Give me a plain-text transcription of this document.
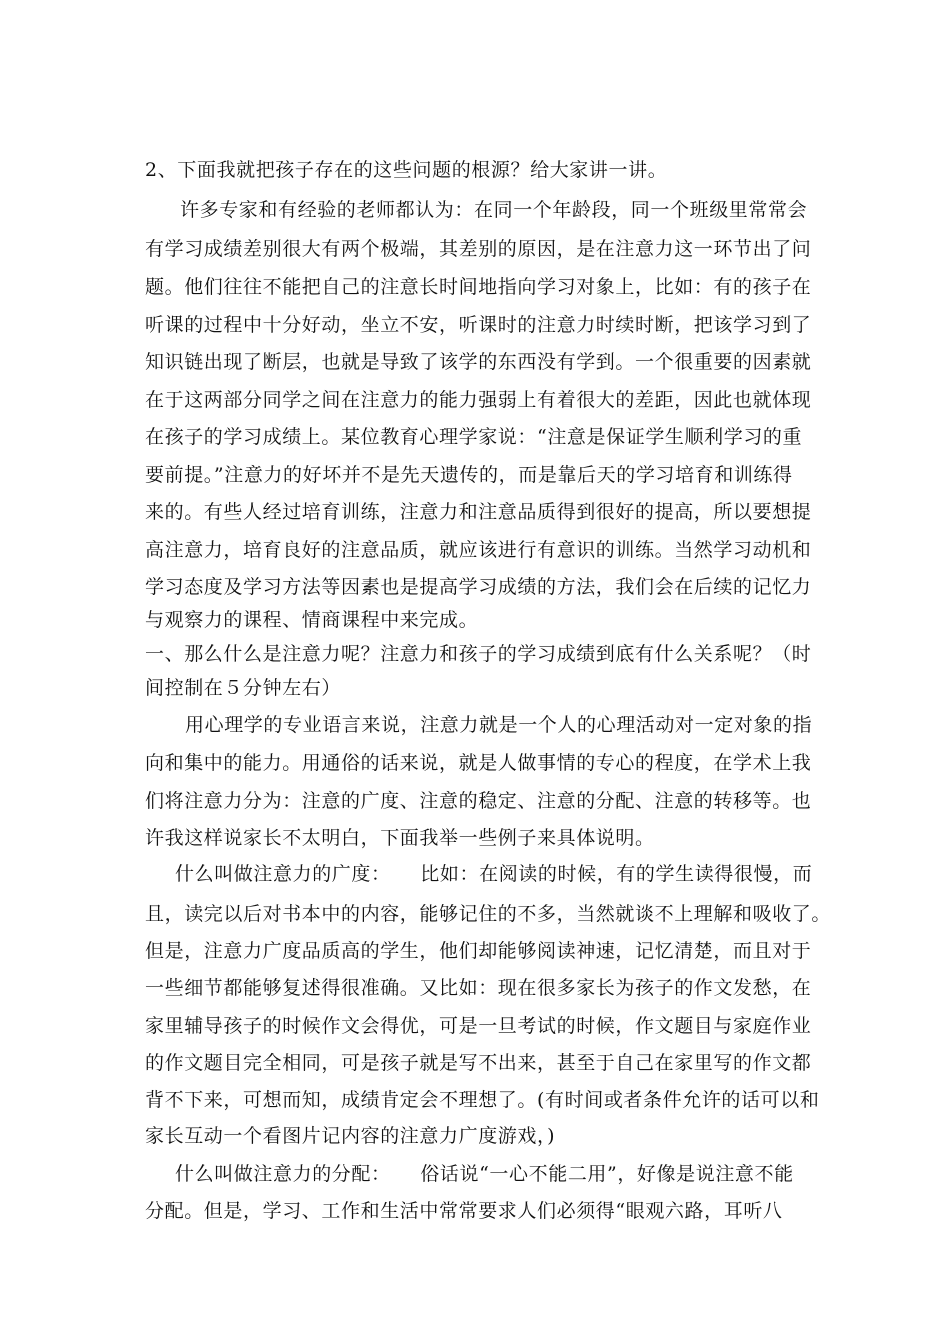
2、下面我就把孩子存在的这些问题的根源？给大家讲一讲。
许多专家和有经验的老师都认为：在同一个年龄段，同一个班级里常常会
有学习成绩差别很大有两个极端，其差别的原因，是在注意力这一环节出了问
题。他们往往不能把自己的注意长时间地指向学习对象上，比如：有的孩子在
听课的过程中十分好动，坐立不安，听课时的注意力时续时断，把该学习到了
知识链出现了断层，也就是导致了该学的东西没有学到。一个很重要的因素就
在于这两部分同学之间在注意力的能力强弱上有着很大的差距，因此也就体现
在孩子的学习成绩上。某位教育心理学家说：“注意是保证学生顺利学习的重
要前提。”注意力的好坏并不是先天遗传的，而是靠后天的学习培育和训练得
来的。有些人经过培育训练，注意力和注意品质得到很好的提高，所以要想提
高注意力，培育良好的注意品质，就应该进行有意识的训练。当然学习动机和
学习态度及学习方法等因素也是提高学习成绩的方法，我们会在后续的记忆力
与观察力的课程、情商课程中来完成。
一、那么什么是注意力呢？注意力和孩子的学习成绩到底有什么关系呢？（时
间控制在５分钟左右）
用心理学的专业语言来说，注意力就是一个人的心理活动对一定对象的指
向和集中的能力。用通俗的话来说，就是人做事情的专心的程度，在学术上我
们将注意力分为：注意的广度、注意的稳定、注意的分配、注意的转移等。也
许我这样说家长不太明白，下面我举一些例子来具体说明。
什么叫做注意力的广度：　　比如：在阅读的时候，有的学生读得很慢，而
且，读完以后对书本中的内容，能够记住的不多，当然就谈不上理解和吸收了。
但是，注意力广度品质高的学生，他们却能够阅读神速，记忆清楚，而且对于
一些细节都能够复述得很准确。又比如：现在很多家长为孩子的作文发愁，在
家里辅导孩子的时候作文会得优，可是一旦考试的时候，作文题目与家庭作业
的作文题目完全相同，可是孩子就是写不出来，甚至于自己在家里写的作文都
背不下来，可想而知，成绩肯定会不理想了。(有时间或者条件允许的话可以和
家长互动一个看图片记内容的注意力广度游戏，)
什么叫做注意力的分配：　　俗话说“一心不能二用”，好像是说注意不能
分配。但是，学习、工作和生活中常常要求人们必须得“眼观六路，耳听八
